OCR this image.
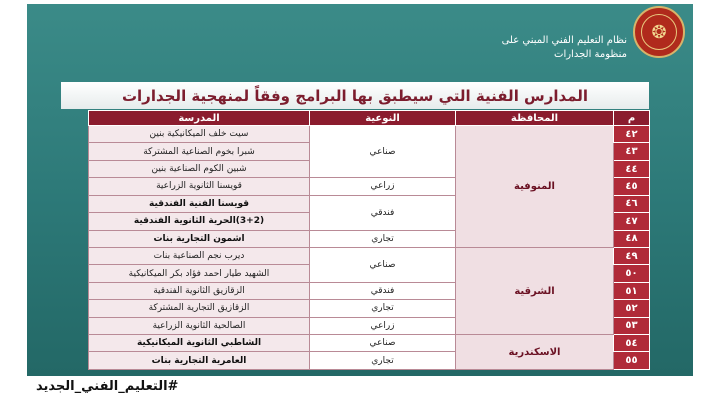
❂
نظام التعليم الفني المبني على
منظومة الجدارات
المدارس الفنية التي سيطبق بها البرامج وفقاً لمنهجية الجدارات
م	المحافظة	النوعية	المدرسة
٤٢	المنوفية	صناعي	سيت خلف الميكانيكية بنين
٤٣			شبرا بخوم الصناعية المشتركة
٤٤			شبين الكوم الصناعية بنين
٤٥		زراعي	قويسنا الثانوية الزراعية
٤٦		فندقي	قويسنا الفنية الفندقية
٤٧			(3+2)الحرية الثانوية الفندقية
٤٨		تجاري	اشمون التجارية بنات
٤٩	الشرقية	صناعي	ديرب نجم الصناعية بنات
٥٠			الشهيد طيار احمد فؤاد بكر الميكانيكية
٥١		فندقي	الزقازيق الثانوية الفندقية
٥٢		تجاري	الزقازيق التجارية المشتركة
٥٣		زراعي	الصالحية الثانوية الزراعية
٥٤	الاسكندرية	صناعي	الشاطبي الثانوية الميكانيكية
٥٥		تجاري	العامرية التجارية بنات
#التعليم_الفني_الجديد
